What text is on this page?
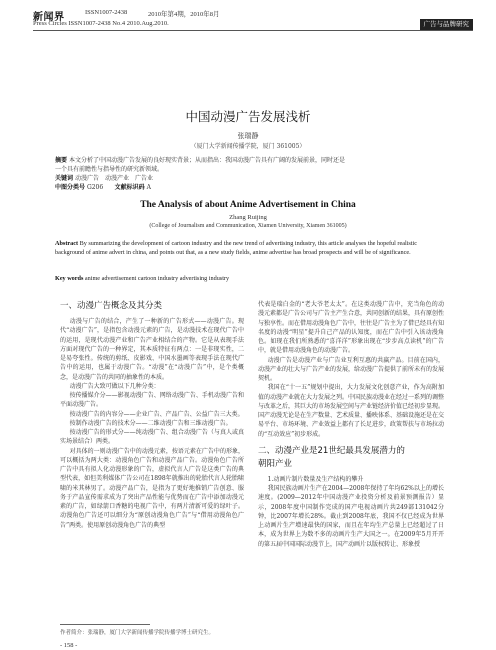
新闻界	ISSN1007-2438	2010年第4期，2010年8月
Press Circles ISSN1007-2438 No.4 2010.Aug.2010.	广告与品牌研究
中国动漫广告发展浅析
张瑞静
（厦门大学新闻传播学院，厦门 361005）
摘要 本文分析了中国动漫广告发展的良好现实背景；从而指出：我国动漫广告具有广阔的发展前景，同时还是
一个具有前瞻性与指导性的研究新领域。
关键词 动漫广告　动漫产业　广告业
中图分类号 G206 文献标识码 A
The Analysis of about Anime Advertisement in China
Zhang Ruijing
(College of Journalism and Communication, Xiamen University, Xiamen 361005)
Abstract By summarizing the development of cartoon industry and the new trend of advertising industry, this article analyses the hopeful realistic background of anime advert in china, and points out that, as a new study fields, anime advertise has broad prospects and will be of significance.
Key words anime advertisement cartoon industry advertising industry
一、动漫广告概念及其分类

动漫与广告的结合，产生了一种新的广告形式——动漫广告。现代“动漫广告”，是指包含动漫元素的广告，是动漫技术在现代广告中的运用，是现代动漫产业和广告产业相结合的产物。它是从表现手法方面对现代广告的一种界定，其本质特征有两点：一是非现实性，二是易夸张性。传统的剪纸、皮影戏、中国水墨画等表现手法在现代广告中的运用，也属于动漫广告。“动漫”在“动漫广告”中，是个类概念，是动漫广告的共同的抽象性的本质。

动漫广告大致可做以下几种分类：

按传播媒介分——影视动漫广告、网络动漫广告、手机动漫广告和平面动漫广告。

按动漫广告的内容分——企业广告、产品广告、公益广告三大类。

按制作动漫广告的技术分——二维动漫广告和三维动漫广告。

按动漫广告的形式分——纯动漫广告、组合动漫广告（与真人或真实场景结合）两类。

对具体的一则动漫广告中的动漫元素，按语元素在广告中的形象，可以概括为两大类：动漫角色广告和动漫产品广告。动漫角色广告所广告中具有拟人化动漫形象的广告，虚拟代言人广告是这类广告的典型代表，如但美利媒体广告公司在1898年就推出的轮胎代言人轮胎啸啸的米其林男了。动漫产品广告，是指为了更好地推销广告创意、服务于产品宣传需求成为了突出产品性能与优势而在广告中添加动漫元素的广告，如绿箭口香糖的电视广告中，有两片清新可爱的绿叶子。动漫角色广告还可以细分为“原创动漫角色广告”与“借用动漫角色广告”两类。使用原创动漫角色广告的典型

代表是瑞白金的“老大爷老太太”。在这类动漫广告中，充当角色的动漫元素都是广告公司与广告主产生合意，共同创新的结果，具有原创性与独享性。而在借用动漫角色广告中，往往是广告主为了借已经具有知名度的动漫“明星”提升自己产品的认知度，而在广告中引入该动漫角色。如现在我们所熟悉的“喜洋洋”形象出现在“步步高点读机”的广告中，就是借用动漫角色的动漫广告。

动漫广告是动漫产业与广告业互利互惠的共赢产品。目前在国内，动漫产业的壮大与广告产业的发展，给动漫广告提供了前所未有的发展契机。

我国在“十一五”规划中提出，大力发展文化创意产业，作为高附加值的动漫产业就在大力发展之列。中国民族动漫业在经过一系列的调整与改革之后，其巨大的市场发展空间与产业链经济价值已经初步显现。国产动漫无论是在生产数量、艺术质量、播映体系、基础设施还是在交易平台、市场环境、产业效益上都有了长足进步，政策帮扶与市场拉动的“互动效应”初步形成。

二、动漫产业是21世纪最具发展潜力的
朝阳产业

1.动画片制片数量及生产结构的攀升

我国民族动画片生产在2004—2008年保持了年均62%以上的增长速度。(2009—2012年中国动漫产业投资分析及前景预测报告）显示，2008年度中国制作完成的国产电视动画片共249部131042分钟，比2007年增长28%。截止到2008年底，我国不仅已经成为世界上动画片生产增速最快的国家，而且在年均生产总量上已经超过了日本，成为世界上为数不多的动画片生产大国之一。在2009年5月开开的第五届中国国际动漫节上，国产动画片以版权转让、形象授

作者简介：张瑞静，厦门大学新闻传播学院传播学博士研究生。
- 158 -
